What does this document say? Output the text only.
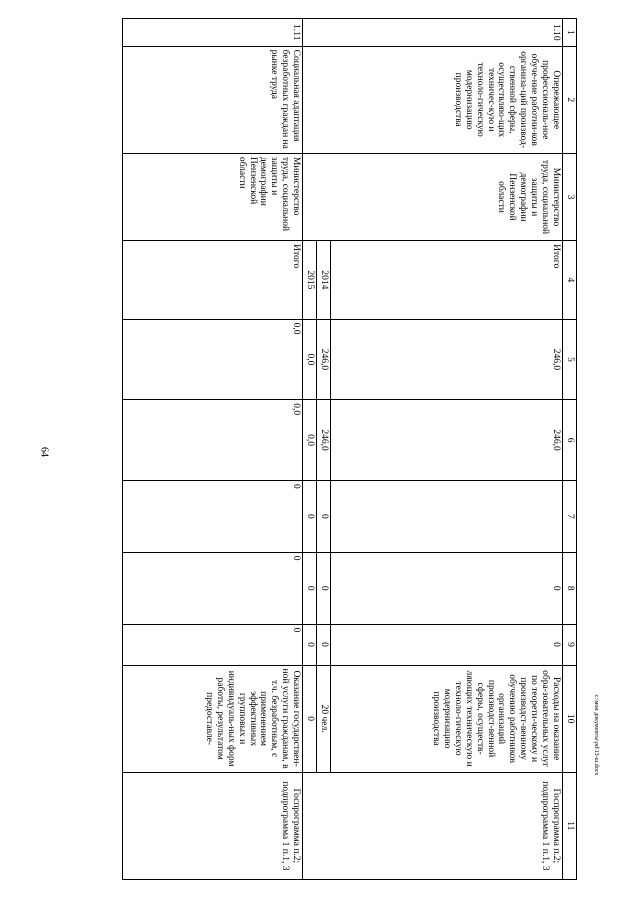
64
c:\мои документы\pd\13-ш.docx
1	2	3	4	5	6	7	8	9	10	11
1.10	Опережающее профессиональ-ное обуче-ние работни-ков организа-ций производ-ственной сферы, осуществляю-щих техничес-кую и техноло-гическую модернизацию производства	Министерство труда, социальной защиты и демографии Пензенской области	Итого	246,0	246,0		0	0	Расходы на оказание обра-зовательных услуг по теорети-ческому и производст-венному обучению работников организаций производст-венной сферы, осуществ-ляющих техническую и техноло-гическую модернизацию производства	Госпрограмма п.2; подпрограмма 1 п.1, 3
			2014	246,0	246,0	0	0	0	20 чел.	
			2015	0,0	0,0	0	0	0	0	
1.11	Социальная адаптация безработных граждан на рынке труда	Министерство труда, социальной защиты и демографии Пензенской области	Итого	0,0	0,0	0	0	0	Оказание государствен-ной услуги гражданам, в т.ч. безработным, с применением эффективных групповых и индивидуаль-ных форм работы, результатом предоставле-	Госпрограмма п.2; подпрограмма 1 п.1, 3
